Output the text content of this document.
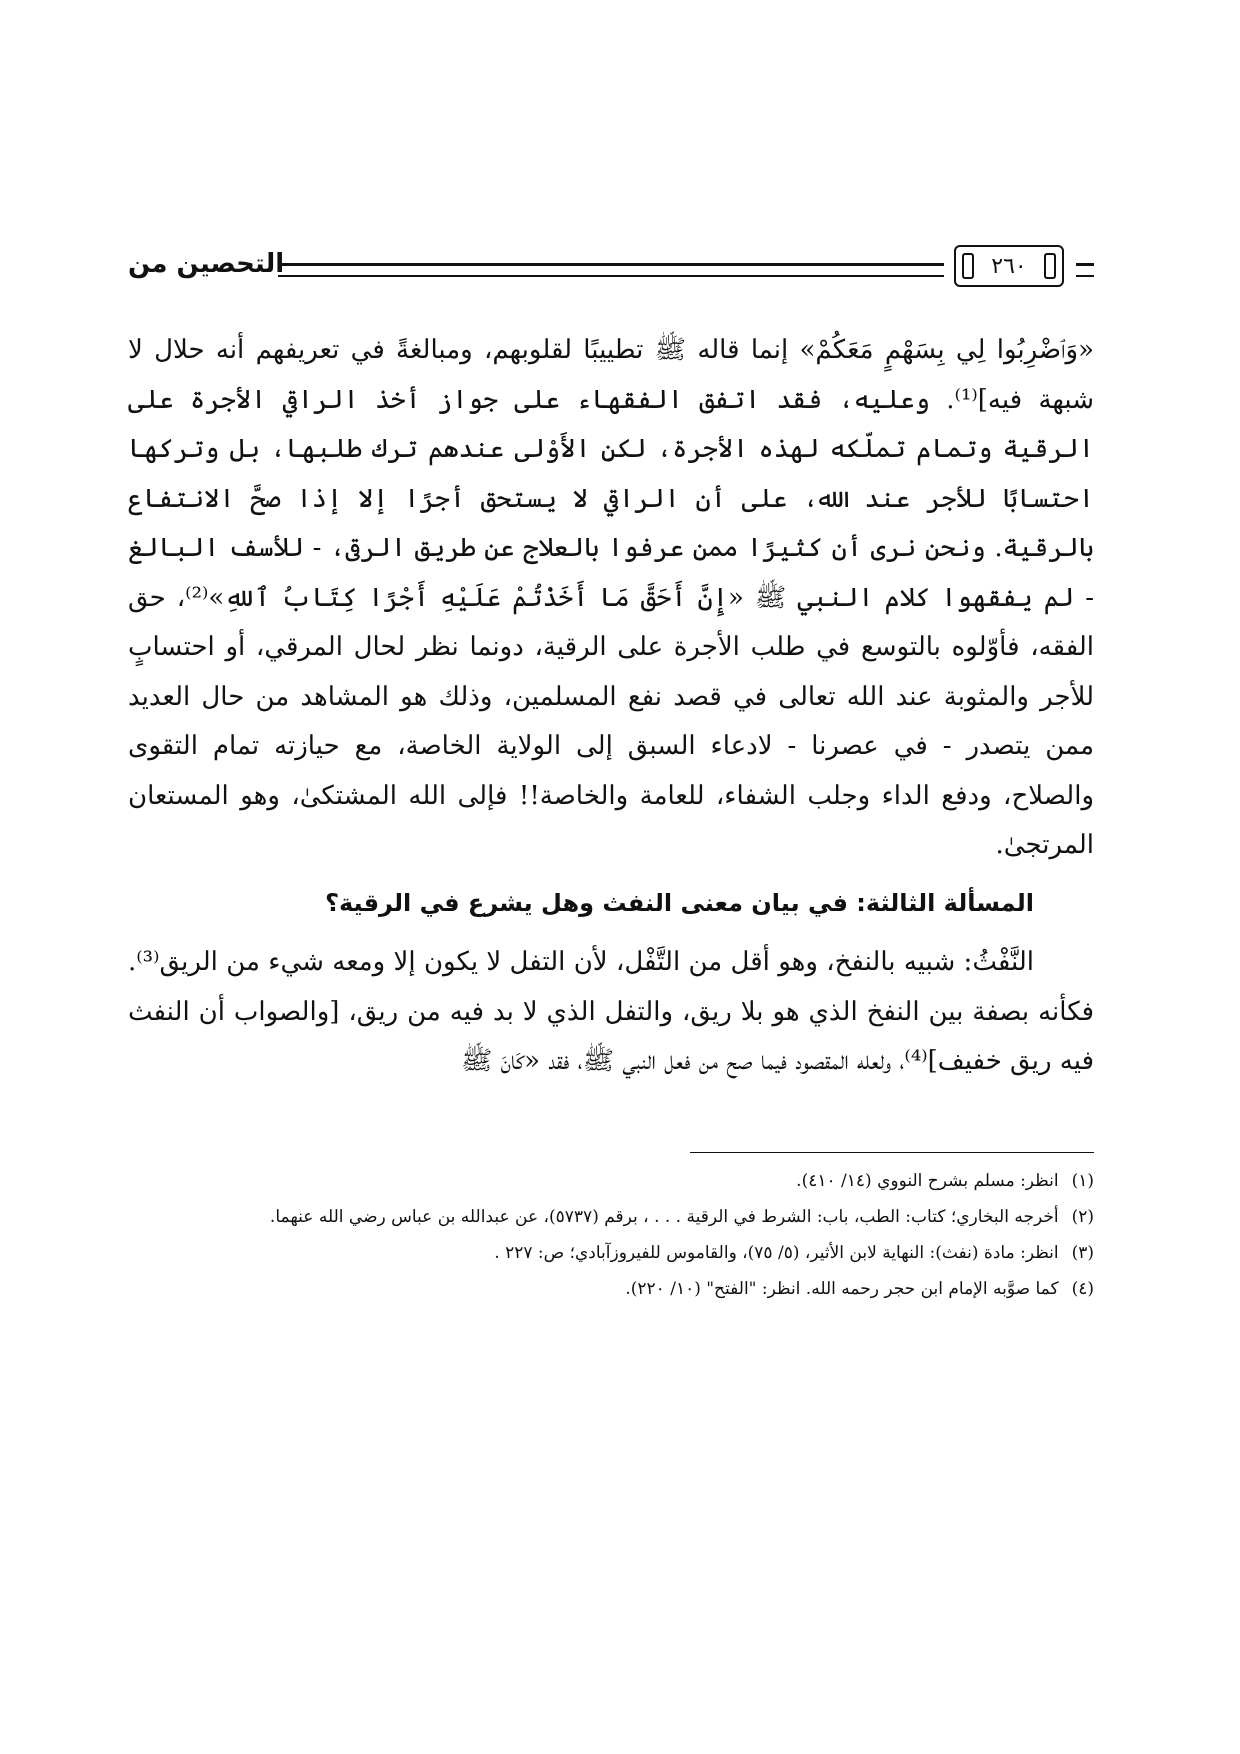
التحصين من	٢٦٠

«وَٱضْرِبُوا لِي بِسَهْمٍ مَعَكُمْ» إنما قاله ﷺ تطييبًا لقلوبهم، ومبالغةً في تعريفهم أنه حلال لا شبهة فيه]⁽¹⁾. وعليه، فقد اتفق الفقهاء على جواز أخذ الراقي الأجرة على الرقية وتمام تملّكه لهذه الأجرة، لكنِ الأَوْلى عندهم ترك طلبها، بل وتركها احتسابًا للأجر عند الله، على أن الراقي لا يستحق أجرًا إلا إذا صحَّ الانتفاع بالرقية. ونحن نرى أن كثيرًا ممن عرفوا بالعلاج عن طريق الرقى، - للأسف البالغ - لم يفقهوا كلام النبي ﷺ «إِنَّ أَحَقَّ مَا أَخَذْتُمْ عَلَيْهِ أَجْرًا كِتَابُ ٱللهِ»⁽²⁾، حق الفقه، فأوّلوه بالتوسع في طلب الأجرة على الرقية، دونما نظر لحال المرقي، أو احتسابٍ للأجر والمثوبة عند الله تعالى في قصد نفع المسلمين، وذلك هو المشاهد من حال العديد ممن يتصدر - في عصرنا - لادعاء السبق إلى الولاية الخاصة، مع حيازته تمام التقوى والصلاح، ودفع الداء وجلب الشفاء، للعامة والخاصة!! فإلى الله المشتكىٰ، وهو المستعان المرتجىٰ.

المسألة الثالثة: في بيان معنى النفث وهل يشرع في الرقية؟

النَّفْثُ: شبيه بالنفخ، وهو أقل من التَّفْل، لأن التفل لا يكون إلا ومعه شيء من الريق⁽³⁾. فكأنه بصفة بين النفخ الذي هو بلا ريق، والتفل الذي لا بد فيه من ريق، [والصواب أن النفث فيه ريق خفيف]⁽⁴⁾، ولعله المقصود فيما صح من فعل النبي ﷺ، فقد «كَانَ ﷺ

(١) انظر: مسلم بشرح النووي (١٤/ ٤١٠).

(٢) أخرجه البخاري؛ كتاب: الطب، باب: الشرط في الرقية . . . ، برقم (٥٧٣٧)، عن عبدالله بن عباس رضي الله عنهما.

(٣) انظر: مادة (نفث): النهاية لابن الأثير، (٥/ ٧٥)، والقاموس للفيروزآبادي؛ ص: ٢٢٧ .

(٤) كما صوَّبه الإمام ابن حجر رحمه الله. انظر: "الفتح" (١٠/ ٢٢٠).
